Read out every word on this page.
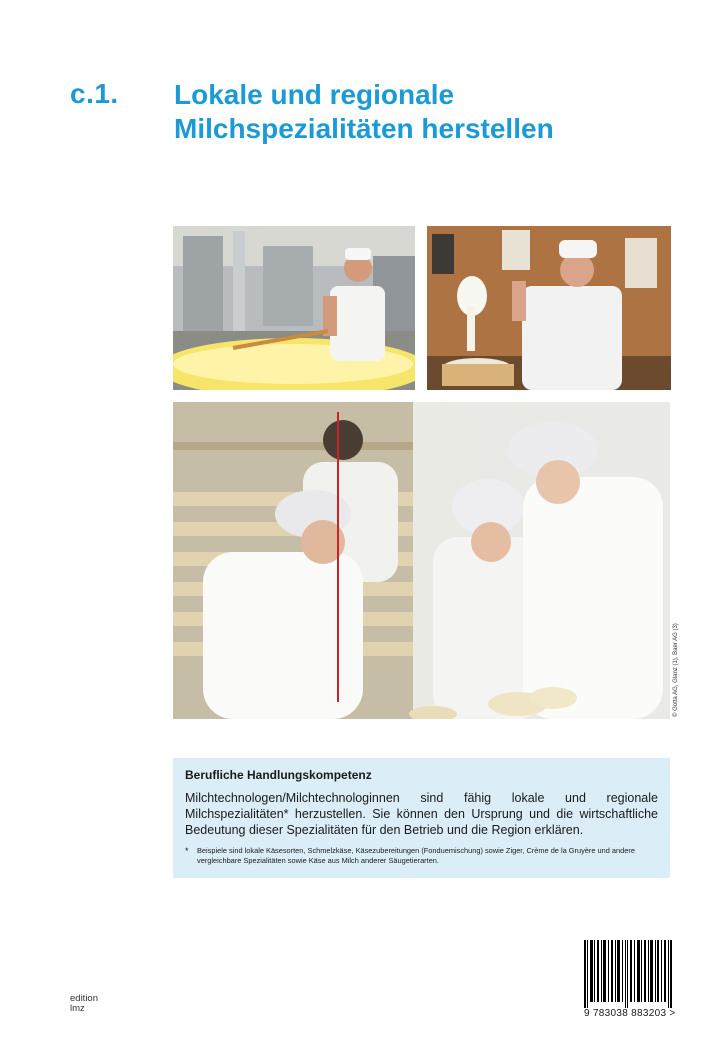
c.1. Lokale und regionale
Milchspezialitäten herstellen
© Gotta AG, Glanz (1), Baer AG (3)
Berufliche Handlungskompetenz

Milchtechnologen/Milchtechnologinnen sind fähig lokale und regionale Milchspezialitäten* herzustellen. Sie können den Ursprung und die wirtschaftliche Bedeutung dieser Spezialitäten für den Betrieb und die Region erklären.

*	Beispiele sind lokale Käsesorten, Schmelzkäse, Käsezubereitungen (Fonduemischung) sowie Ziger, Crème de la Gruyère und andere vergleichbare Spezialitäten sowie Käse aus Milch anderer Säugetierarten.
9 783038 883203 >
edition
lmz
